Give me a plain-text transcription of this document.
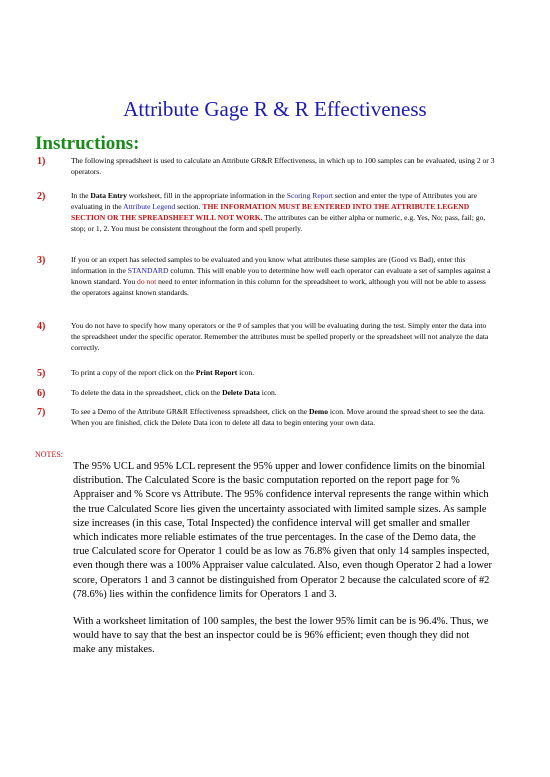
Attribute Gage R & R Effectiveness
Instructions:
1)	The following spreadsheet is used to calculate an Attribute GR&R Effectiveness, in which up to 100 samples can be evaluated, using 2 or 3 operators.
2)	In the Data Entry worksheet, fill in the appropriate information in the Scoring Report section and enter the type of Attributes you are evaluating in the Attribute Legend section. THE INFORMATION MUST BE ENTERED INTO THE ATTRIBUTE LEGEND SECTION OR THE SPREADSHEET WILL NOT WORK. The attributes can be either alpha or numeric, e.g. Yes, No; pass, fail; go, stop; or 1, 2. You must be consistent throughout the form and spell properly.
3)	If you or an expert has selected samples to be evaluated and you know what attributes these samples are (Good vs Bad), enter this information in the STANDARD column. This will enable you to determine how well each operator can evaluate a set of samples against a known standard. You do not need to enter information in this column for the spreadsheet to work, although you will not be able to assess the operators against known standards.
4)	You do not have to specify how many operators or the # of samples that you will be evaluating during the test. Simply enter the data into the spreadsheet under the specific operator. Remember the attributes must be spelled properly or the spreadsheet will not analyze the data correctly.
5)	To print a copy of the report click on the Print Report icon.
6)	To delete the data in the spreadsheet, click on the Delete Data icon.
7)	To see a Demo of the Attribute GR&R Effectiveness spreadsheet, click on the Demo icon. Move around the spread sheet to see the data. When you are finished, click the Delete Data icon to delete all data to begin entering your own data.
NOTES:
The 95% UCL and 95% LCL represent the 95% upper and lower confidence limits on the binomial distribution. The Calculated Score is the basic computation reported on the report page for % Appraiser and % Score vs Attribute. The 95% confidence interval represents the range within which the true Calculated Score lies given the uncertainty associated with limited sample sizes. As sample size increases (in this case, Total Inspected) the confidence interval will get smaller and smaller which indicates more reliable estimates of the true percentages. In the case of the Demo data, the true Calculated score for Operator 1 could be as low as 76.8% given that only 14 samples inspected, even though there was a 100% Appraiser value calculated. Also, even though Operator 2 had a lower score, Operators 1 and 3 cannot be distinguished from Operator 2 because the calculated score of #2 (78.6%) lies within the confidence limits for Operators 1 and 3.
With a worksheet limitation of 100 samples, the best the lower 95% limit can be is 96.4%. Thus, we would have to say that the best an inspector could be is 96% efficient; even though they did not make any mistakes.
